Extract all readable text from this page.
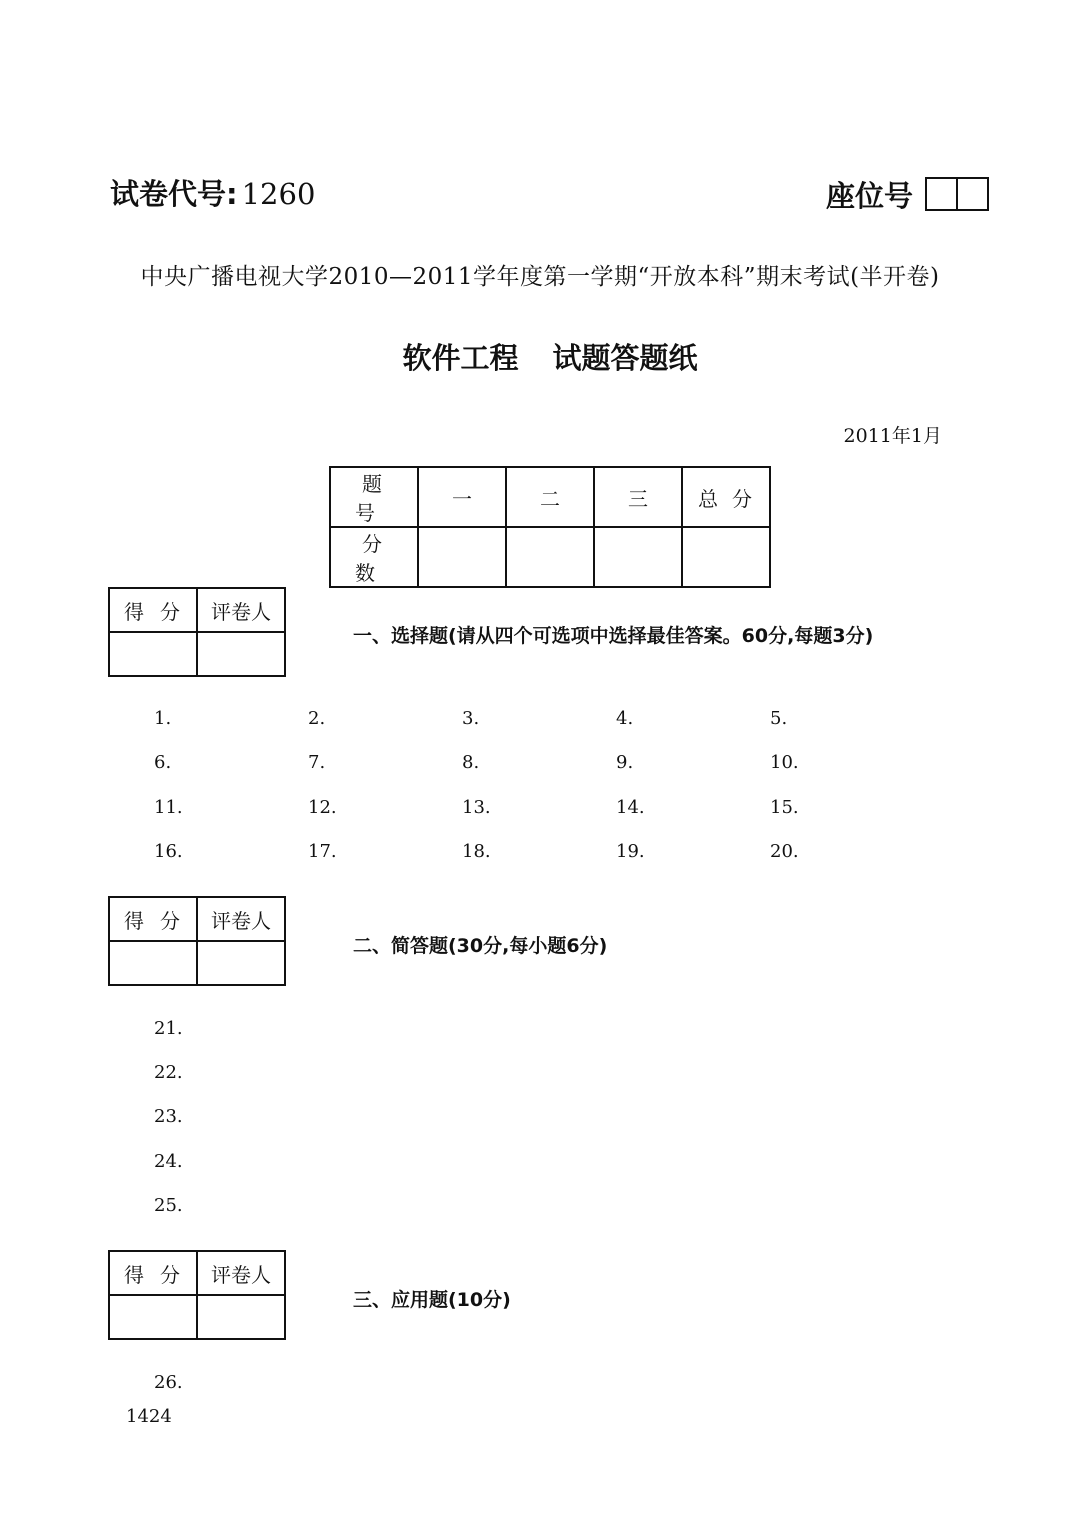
试卷代号: 1260	座位号
中央广播电视大学2010—2011学年度第一学期“开放本科”期末考试(半开卷)
软件工程 试题答题纸
2011年1月
题号	一	二	三	总分
分数				
得分	评卷人

一、选择题(请从四个可选项中选择最佳答案。60分,每题3分)
1.	2.	3.	4.	5.
6.	7.	8.	9.	10.
11.	12.	13.	14.	15.
16.	17.	18.	19.	20.
得分	评卷人

二、简答题(30分,每小题6分)
21.
22.
23.
24.
25.
得分	评卷人

三、应用题(10分)
26.
1424
